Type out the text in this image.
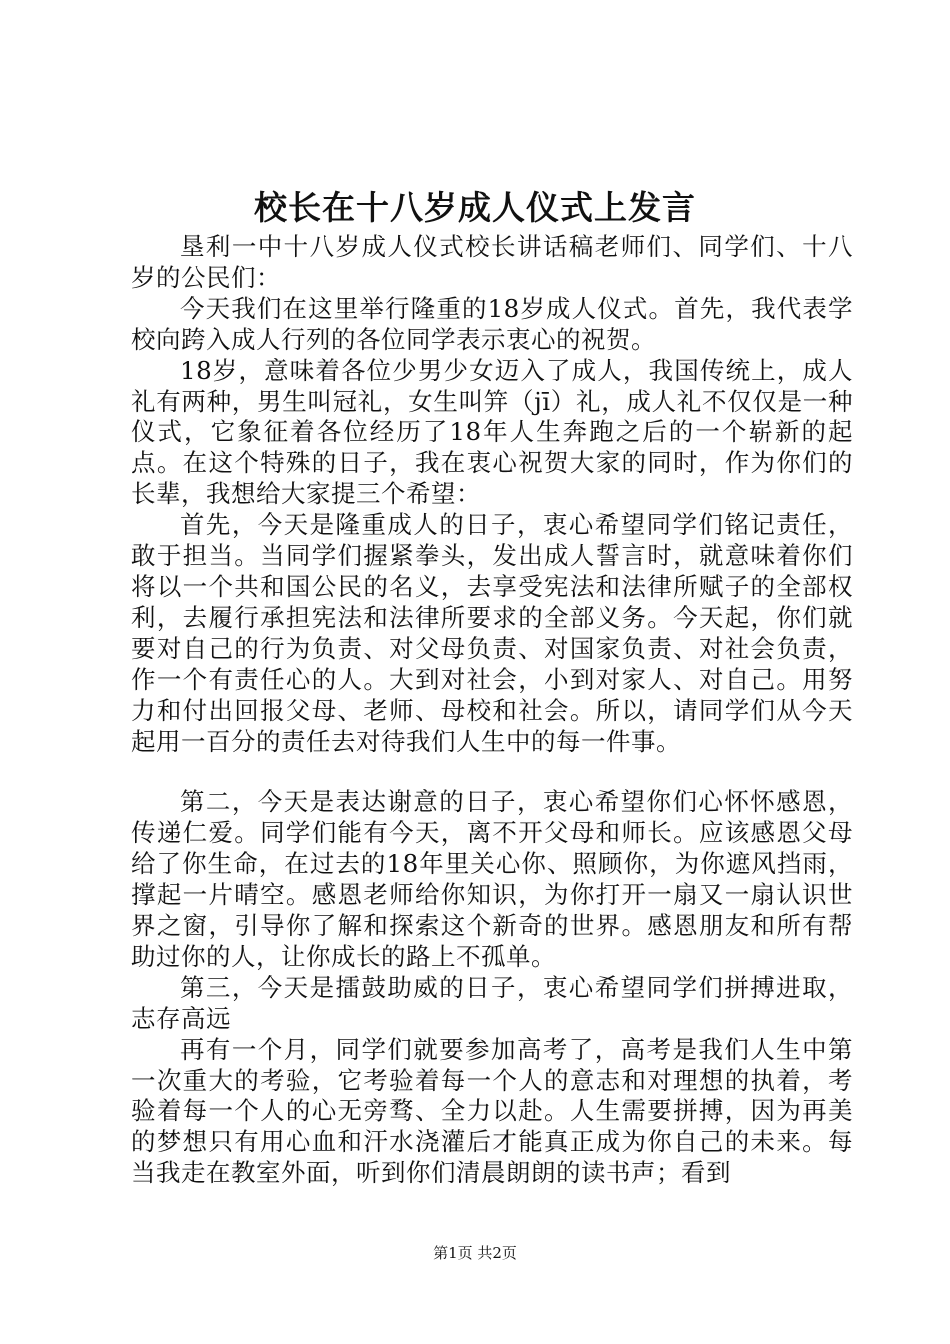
校长在十八岁成人仪式上发言

垦利一中十八岁成人仪式校长讲话稿老师们、同学们、十八岁的公民们：

今天我们在这里举行隆重的18岁成人仪式。首先，我代表学校向跨入成人行列的各位同学表示衷心的祝贺。

18岁，意味着各位少男少女迈入了成人，我国传统上，成人礼有两种，男生叫冠礼，女生叫笄（jī）礼，成人礼不仅仅是一种仪式，它象征着各位经历了18年人生奔跑之后的一个崭新的起点。在这个特殊的日子，我在衷心祝贺大家的同时，作为你们的长辈，我想给大家提三个希望：

首先，今天是隆重成人的日子，衷心希望同学们铭记责任，敢于担当。当同学们握紧拳头，发出成人誓言时，就意味着你们将以一个共和国公民的名义，去享受宪法和法律所赋子的全部权利，去履行承担宪法和法律所要求的全部义务。今天起，你们就要对自己的行为负责、对父母负责、对国家负责、对社会负责，作一个有责任心的人。大到对社会，小到对家人、对自己。用努力和付出回报父母、老师、母校和社会。所以，请同学们从今天起用一百分的责任去对待我们人生中的每一件事。

第二，今天是表达谢意的日子，衷心希望你们心怀怀感恩，传递仁爱。同学们能有今天，离不开父母和师长。应该感恩父母给了你生命，在过去的18年里关心你、照顾你，为你遮风挡雨，撑起一片晴空。感恩老师给你知识，为你打开一扇又一扇认识世界之窗，引导你了解和探索这个新奇的世界。感恩朋友和所有帮助过你的人，让你成长的路上不孤单。

第三，今天是擂鼓助威的日子，衷心希望同学们拼搏进取，志存高远

再有一个月，同学们就要参加高考了，高考是我们人生中第一次重大的考验，它考验着每一个人的意志和对理想的执着，考验着每一个人的心无旁骛、全力以赴。人生需要拼搏，因为再美的梦想只有用心血和汗水浇灌后才能真正成为你自己的未来。每当我走在教室外面，听到你们清晨朗朗的读书声；看到

第1页 共2页
